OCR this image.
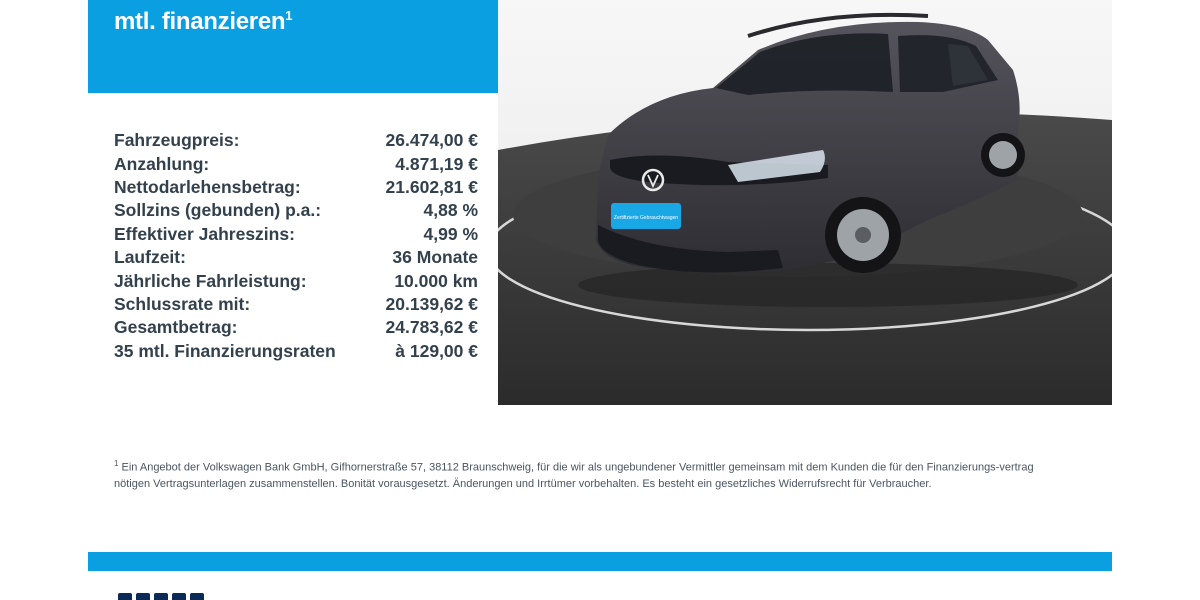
mtl. finanzieren$^1$
Fahrzeugpreis:	26.474,00 €
Anzahlung:	4.871,19 €
Nettodarlehensbetrag:	21.602,81 €
Sollzins (gebunden) p.a.:	4,88 %
Effektiver Jahreszins:	4,99 %
Laufzeit:	36 Monate
Jährliche Fahrleistung:	10.000 km
Schlussrate mit:	20.139,62 €
Gesamtbetrag:	24.783,62 €
35 mtl. Finanzierungsraten	à 129,00 €
Zertifizierte Gebrauchtwagen

$^1$ Ein Angebot der Volkswagen Bank GmbH, Gifhornerstraße 57, 38112 Braunschweig, für die wir als ungebundener Vermittler gemeinsam mit dem Kunden die für den Finanzierungs-vertrag nötigen Vertragsunterlagen zusammenstellen. Bonität vorausgesetzt. Änderungen und Irrtümer vorbehalten. Es besteht ein gesetzliches Widerrufsrecht für Verbraucher.
